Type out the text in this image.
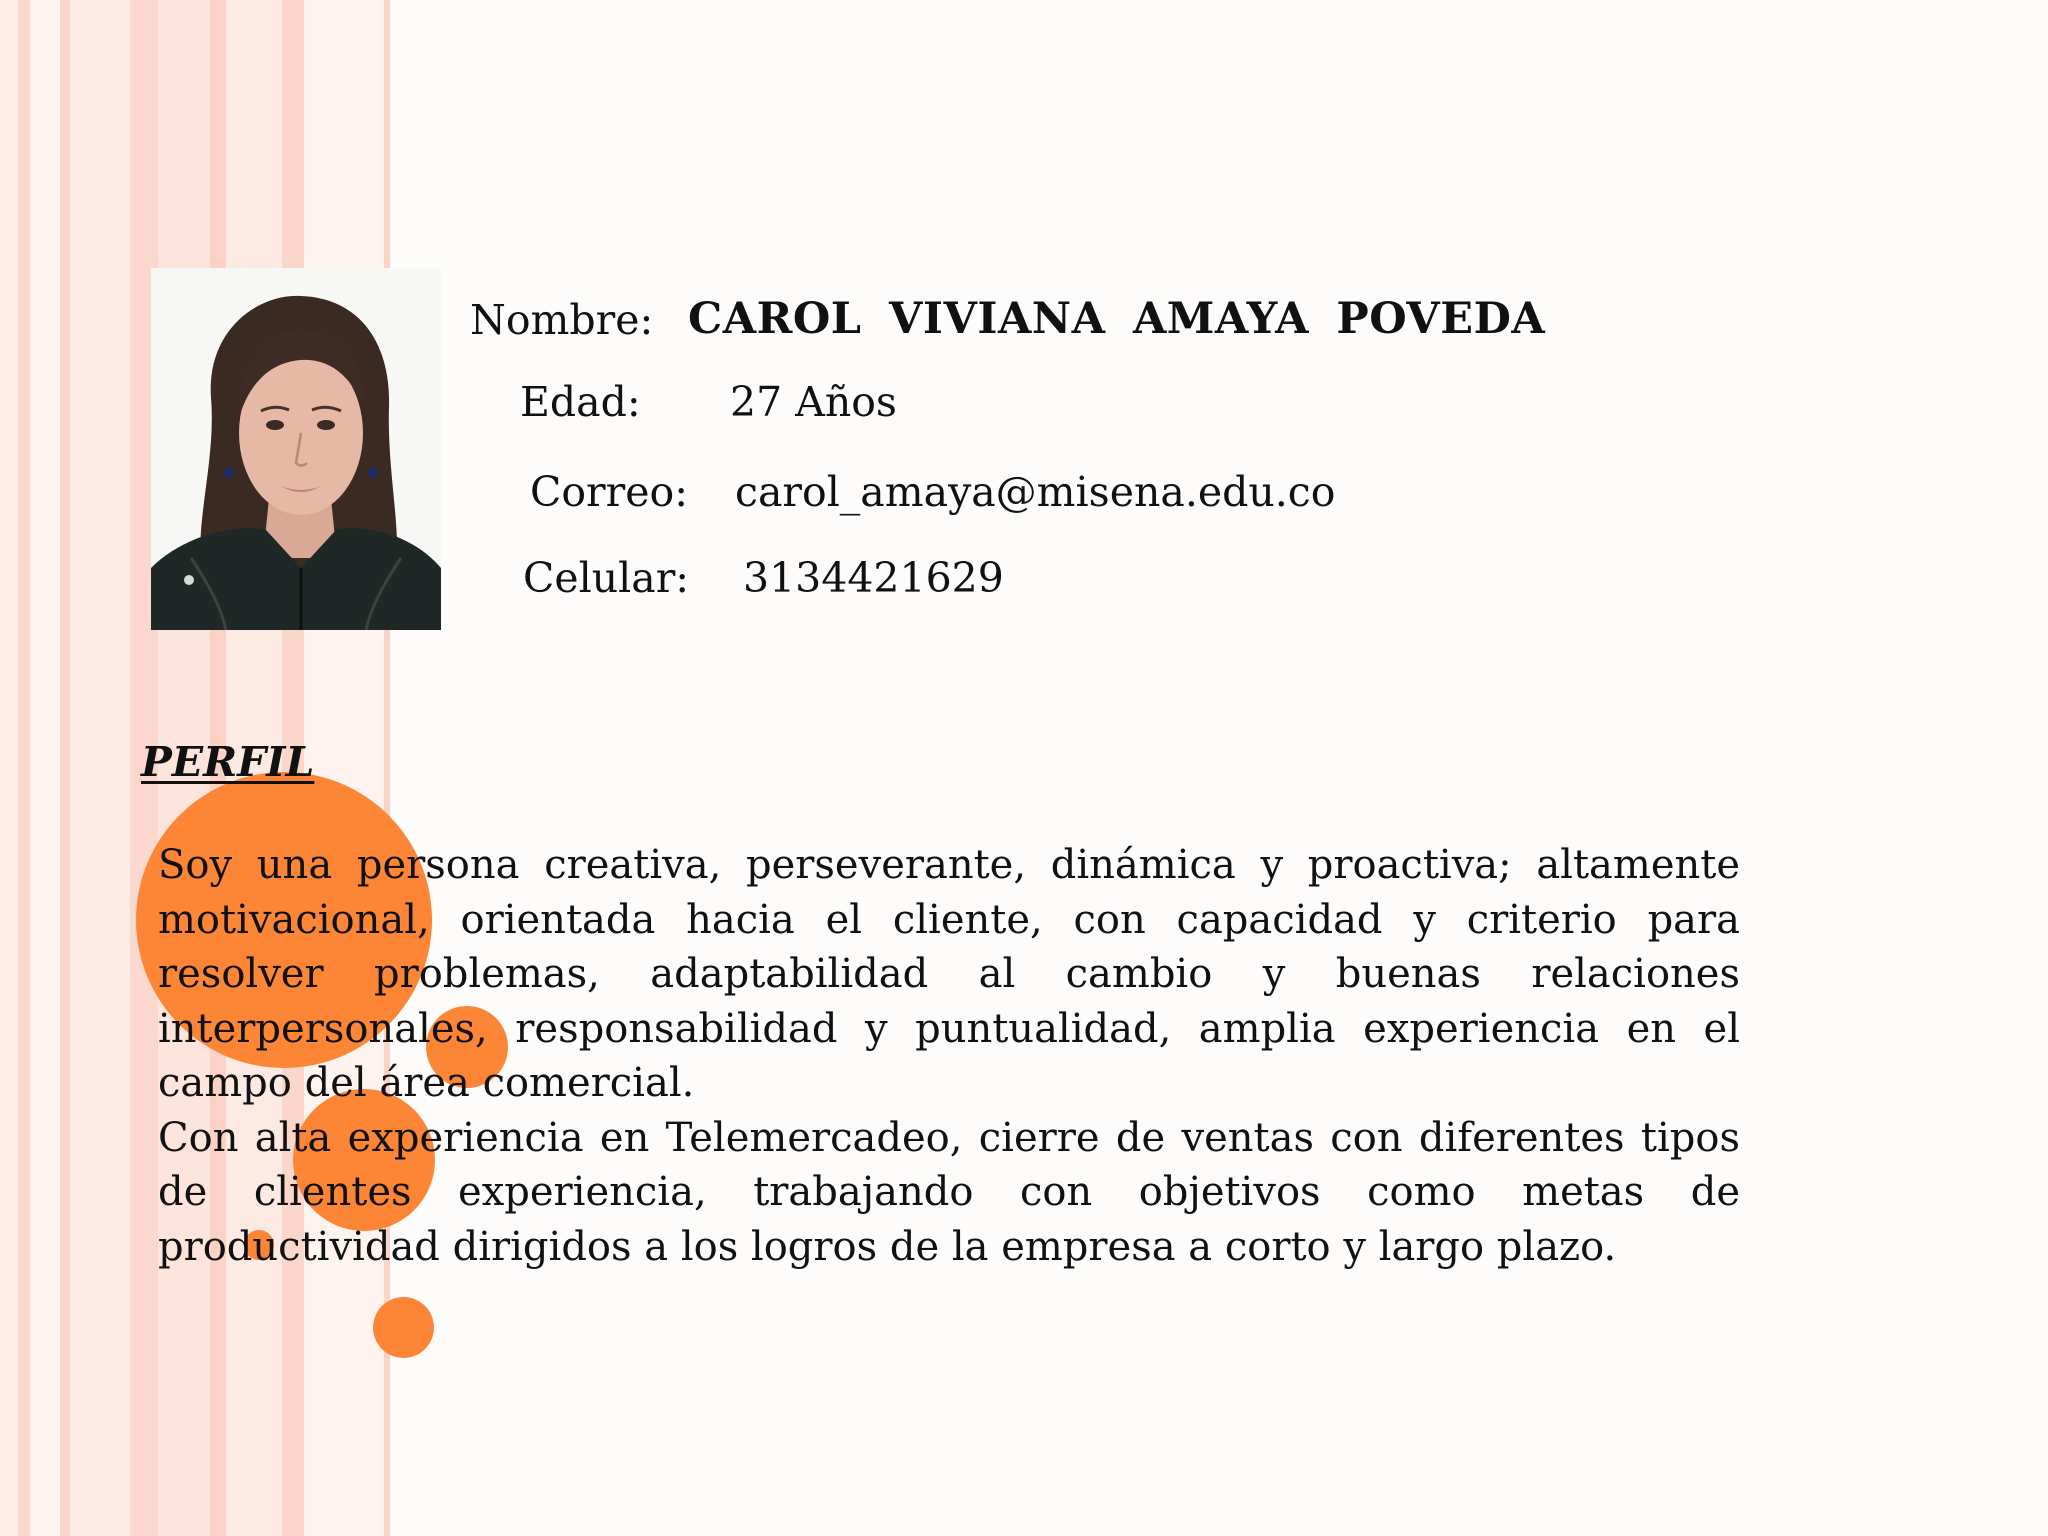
Nombre: CAROL VIVIANA AMAYA POVEDA
Edad: 27 Años
Correo: carol_amaya@misena.edu.co
Celular: 3134421629
PERFIL

Soy una persona creativa, perseverante, dinámica y proactiva; altamente motivacional, orientada hacia el cliente, con capacidad y criterio para resolver problemas, adaptabilidad al cambio y buenas relaciones interpersonales, responsabilidad y puntualidad, amplia experiencia en el campo del área comercial.

Con alta experiencia en Telemercadeo, cierre de ventas con diferentes tipos de clientes experiencia, trabajando con objetivos como metas de productividad dirigidos a los logros de la empresa a corto y largo plazo.
